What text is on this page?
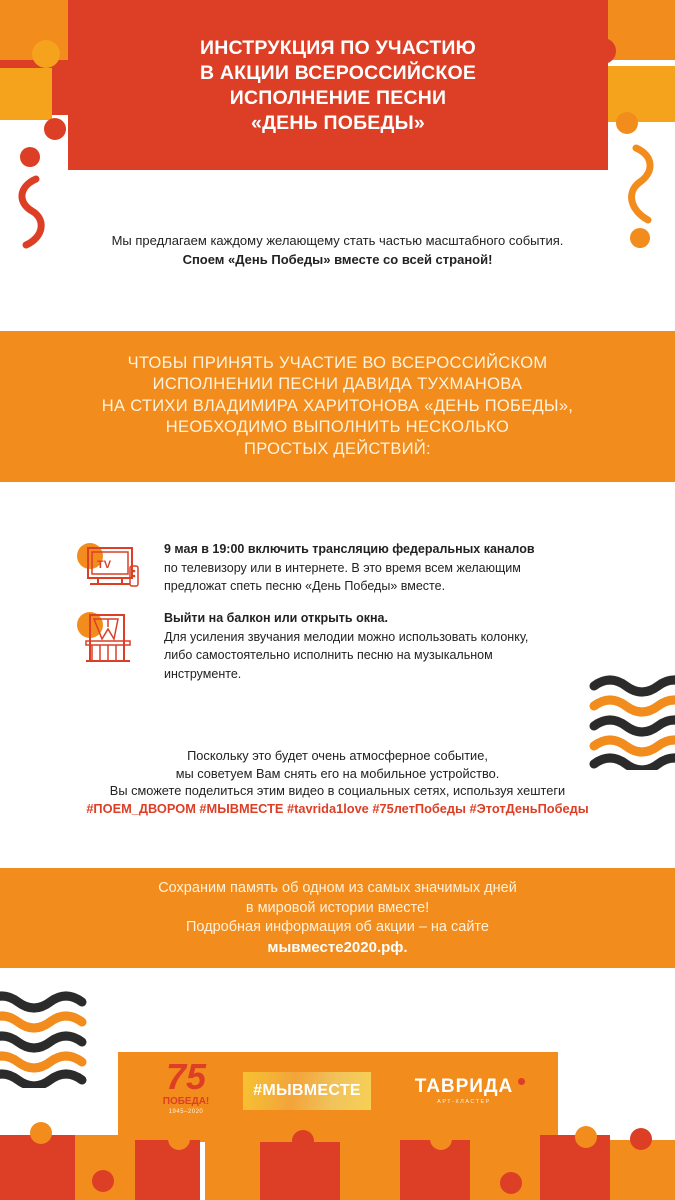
ИНСТРУКЦИЯ ПО УЧАСТИЮ
В АКЦИИ ВСЕРОССИЙСКОЕ
ИСПОЛНЕНИЕ ПЕСНИ
«ДЕНЬ ПОБЕДЫ»
Мы предлагаем каждому желающему стать частью масштабного события.
Споем «День Победы» вместе со всей страной!
ЧТОБЫ ПРИНЯТЬ УЧАСТИЕ ВО ВСЕРОССИЙСКОМ
ИСПОЛНЕНИИ ПЕСНИ ДАВИДА ТУХМАНОВА
НА СТИХИ ВЛАДИМИРА ХАРИТОНОВА «ДЕНЬ ПОБЕДЫ»,
НЕОБХОДИМО ВЫПОЛНИТЬ НЕСКОЛЬКО
ПРОСТЫХ ДЕЙСТВИЙ:
TV
9 мая в 19:00 включить трансляцию федеральных каналов
по телевизору или в интернете. В это время всем желающим
предложат спеть песню «День Победы» вместе.
Выйти на балкон или открыть окна.
Для усиления звучания мелодии можно использовать колонку,
либо самостоятельно исполнить песню на музыкальном
инструменте.
Поскольку это будет очень атмосферное событие,
мы советуем Вам снять его на мобильное устройство.
Вы сможете поделиться этим видео в социальных сетях, используя хештеги
#ПОЕМ_ДВОРОМ #МЫВМЕСТЕ #tavrida1love #75летПобеды #ЭтотДеньПобеды
Сохраним память об одном из самых значимых дней
в мировой истории вместе!
Подробная информация об акции – на сайте
мывместе2020.рф.
75
ПОБЕДА!
1945–2020
#МЫВМЕСТЕ	ТАВРИДА
АРТ-КЛАСТЕР
